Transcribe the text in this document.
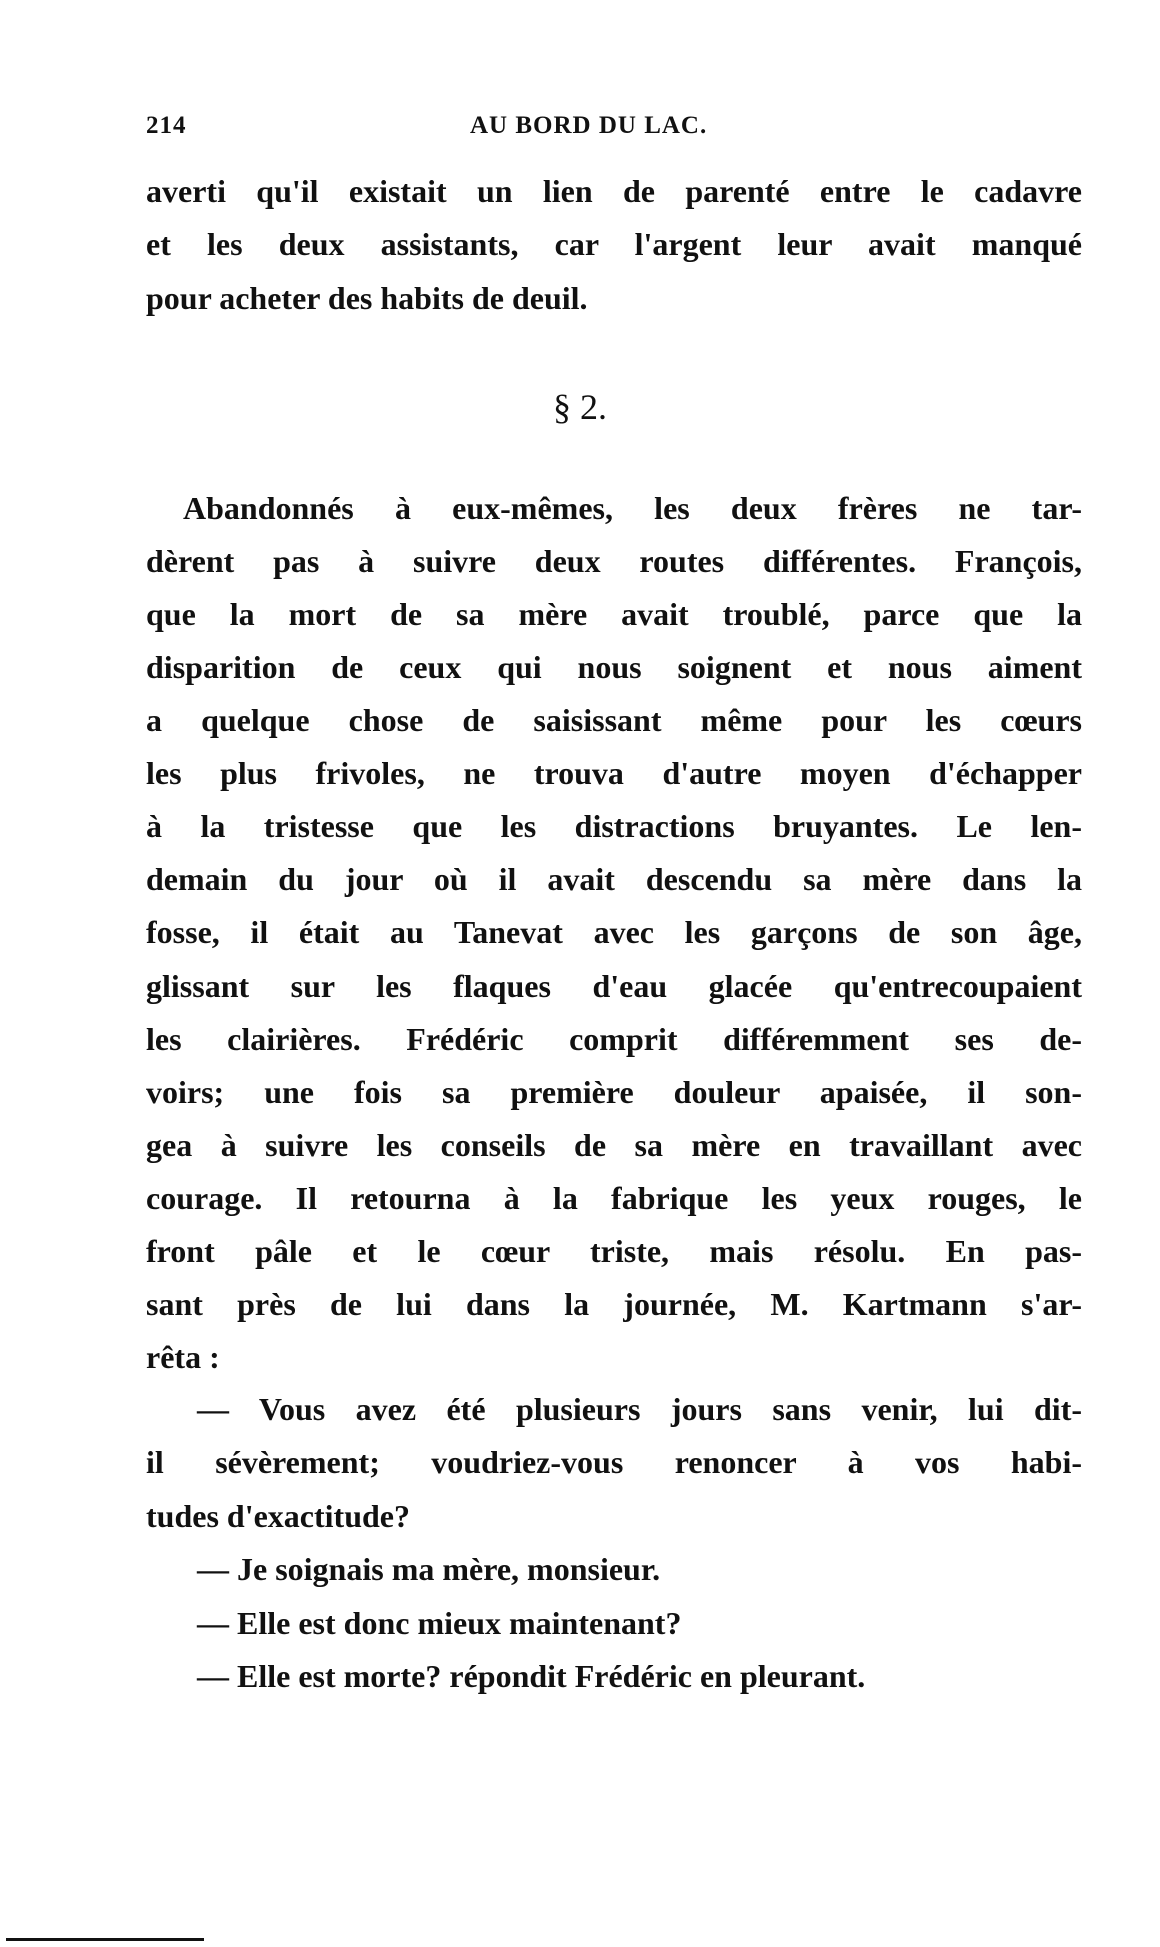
214	AU BORD DU LAC.
averti qu'il existait un lien de parenté entre le cadavre
et les deux assistants, car l'argent leur avait manqué
pour acheter des habits de deuil.
§ 2.
Abandonnés à eux-mêmes, les deux frères ne tar-
dèrent pas à suivre deux routes différentes. François,
que la mort de sa mère avait troublé, parce que la
disparition de ceux qui nous soignent et nous aiment
a quelque chose de saisissant même pour les cœurs
les plus frivoles, ne trouva d'autre moyen d'échapper
à la tristesse que les distractions bruyantes. Le len-
demain du jour où il avait descendu sa mère dans la
fosse, il était au Tanevat avec les garçons de son âge,
glissant sur les flaques d'eau glacée qu'entrecoupaient
les clairières. Frédéric comprit différemment ses de-
voirs; une fois sa première douleur apaisée, il son-
gea à suivre les conseils de sa mère en travaillant avec
courage. Il retourna à la fabrique les yeux rouges, le
front pâle et le cœur triste, mais résolu. En pas-
sant près de lui dans la journée, M. Kartmann s'ar-
rêta :
— Vous avez été plusieurs jours sans venir, lui dit-
il sévèrement; voudriez-vous renoncer à vos habi-
tudes d'exactitude?
— Je soignais ma mère, monsieur.
— Elle est donc mieux maintenant?
— Elle est morte? répondit Frédéric en pleurant.
